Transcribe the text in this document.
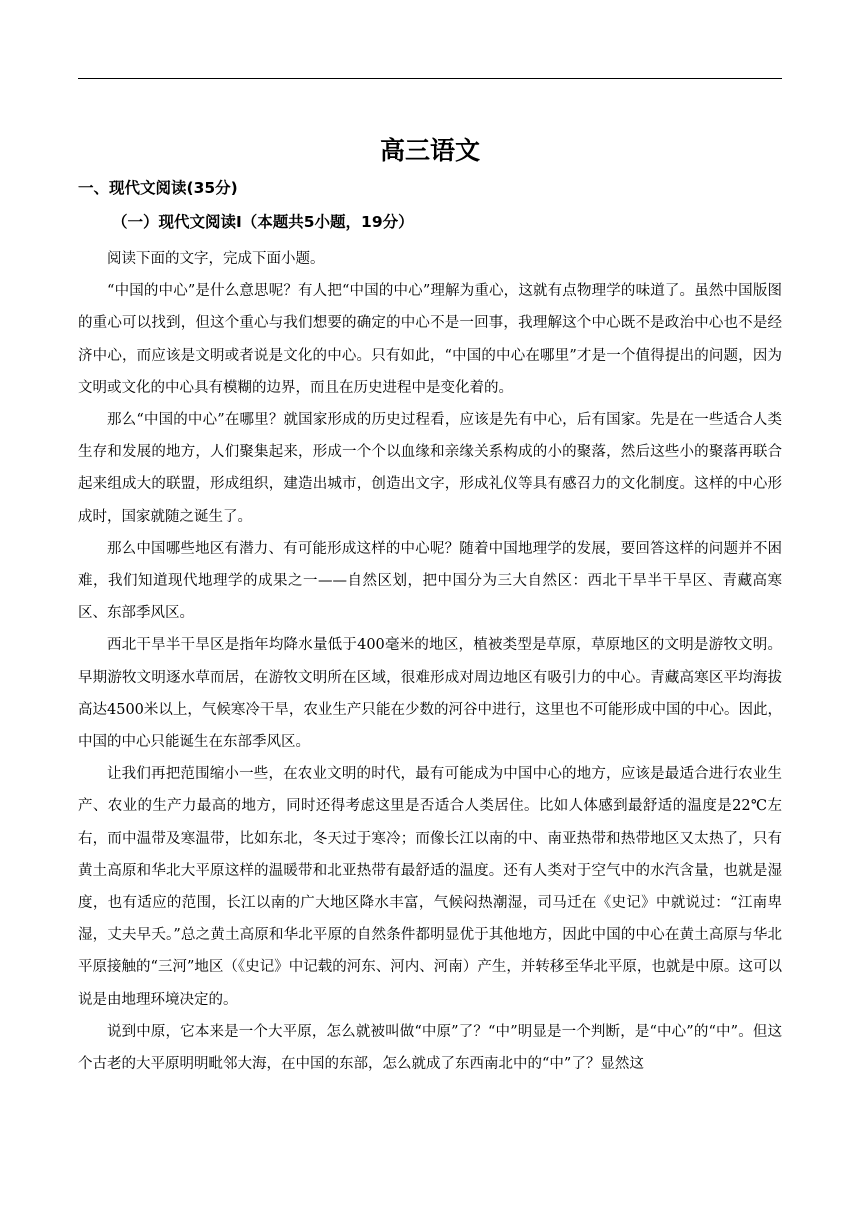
高三语文
一、现代文阅读(35分)
（一）现代文阅读Ⅰ（本题共5小题，19分）

阅读下面的文字，完成下面小题。

“中国的中心”是什么意思呢？有人把“中国的中心”理解为重心，这就有点物理学的味道了。虽然中国版图的重心可以找到，但这个重心与我们想要的确定的中心不是一回事，我理解这个中心既不是政治中心也不是经济中心，而应该是文明或者说是文化的中心。只有如此，“中国的中心在哪里”才是一个值得提出的问题，因为文明或文化的中心具有模糊的边界，而且在历史进程中是变化着的。

那么“中国的中心”在哪里？就国家形成的历史过程看，应该是先有中心，后有国家。先是在一些适合人类生存和发展的地方，人们聚集起来，形成一个个以血缘和亲缘关系构成的小的聚落，然后这些小的聚落再联合起来组成大的联盟，形成组织，建造出城市，创造出文字，形成礼仪等具有感召力的文化制度。这样的中心形成时，国家就随之诞生了。

那么中国哪些地区有潜力、有可能形成这样的中心呢？随着中国地理学的发展，要回答这样的问题并不困难，我们知道现代地理学的成果之一——自然区划，把中国分为三大自然区：西北干旱半干旱区、青藏高寒区、东部季风区。

西北干旱半干旱区是指年均降水量低于400毫米的地区，植被类型是草原，草原地区的文明是游牧文明。早期游牧文明逐水草而居，在游牧文明所在区域，很难形成对周边地区有吸引力的中心。青藏高寒区平均海拔高达4500米以上，气候寒冷干旱，农业生产只能在少数的河谷中进行，这里也不可能形成中国的中心。因此，中国的中心只能诞生在东部季风区。

让我们再把范围缩小一些，在农业文明的时代，最有可能成为中国中心的地方，应该是最适合进行农业生产、农业的生产力最高的地方，同时还得考虑这里是否适合人类居住。比如人体感到最舒适的温度是22℃左右，而中温带及寒温带，比如东北，冬天过于寒冷；而像长江以南的中、南亚热带和热带地区又太热了，只有黄土高原和华北大平原这样的温暖带和北亚热带有最舒适的温度。还有人类对于空气中的水汽含量，也就是湿度，也有适应的范围，长江以南的广大地区降水丰富，气候闷热潮湿，司马迁在《史记》中就说过：“江南卑湿，丈夫早夭。”总之黄土高原和华北平原的自然条件都明显优于其他地方，因此中国的中心在黄土高原与华北平原接触的“三河”地区（《史记》中记载的河东、河内、河南）产生，并转移至华北平原，也就是中原。这可以说是由地理环境决定的。

说到中原，它本来是一个大平原，怎么就被叫做“中原”了？“中”明显是一个判断，是“中心”的“中”。但这个古老的大平原明明毗邻大海，在中国的东部，怎么就成了东西南北中的“中”了？显然这
